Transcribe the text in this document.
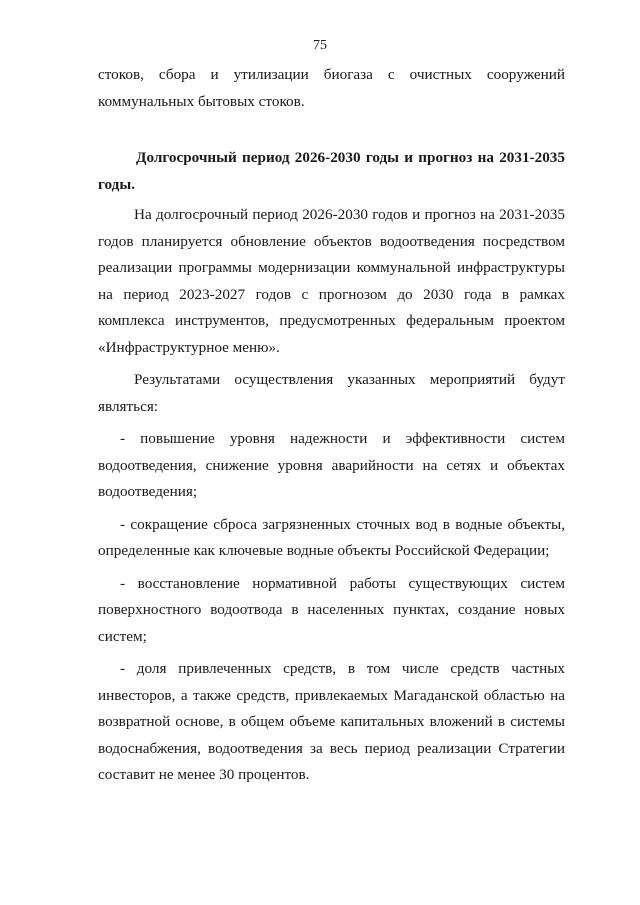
75

стоков, сбора и утилизации биогаза с очистных сооружений коммунальных бытовых стоков.

Долгосрочный период 2026-2030 годы и прогноз на 2031-2035 годы.

На долгосрочный период 2026-2030 годов и прогноз на 2031-2035 годов планируется обновление объектов водоотведения посредством реализации программы модернизации коммунальной инфраструктуры на период 2023-2027 годов с прогнозом до 2030 года в рамках комплекса инструментов, предусмотренных федеральным проектом «Инфраструктурное меню».

Результатами осуществления указанных мероприятий будут являться:

- повышение уровня надежности и эффективности систем водоотведения, снижение уровня аварийности на сетях и объектах водоотведения;

- сокращение сброса загрязненных сточных вод в водные объекты, определенные как ключевые водные объекты Российской Федерации;

- восстановление нормативной работы существующих систем поверхностного водоотвода в населенных пунктах, создание новых систем;

- доля привлеченных средств, в том числе средств частных инвесторов, а также средств, привлекаемых Магаданской областью на возвратной основе, в общем объеме капитальных вложений в системы водоснабжения, водоотведения за весь период реализации Стратегии составит не менее 30 процентов.
